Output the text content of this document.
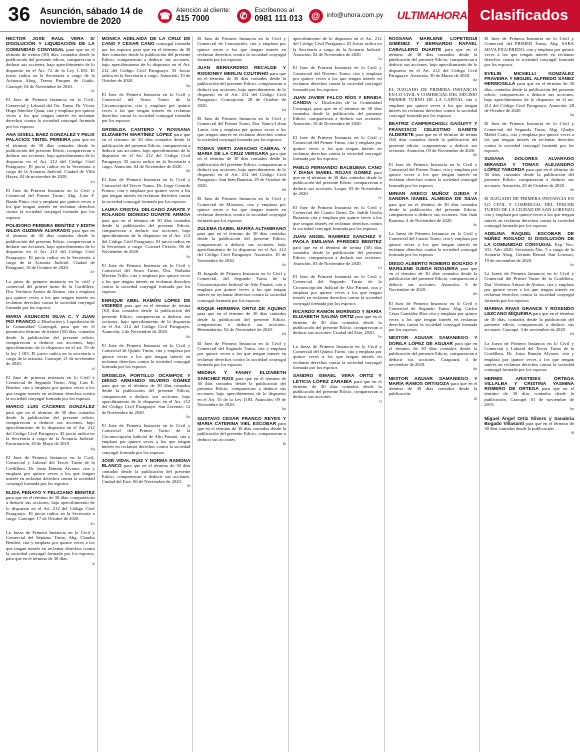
36	Asunción, sábado 14 de noviembre de 2020	☎ Atención al cliente:
415 7000	✆	Escríbenos al
0981 111 013 @	info@uhora.com.py ULTIMAHORA Clasificados

HECTOR JOSE RAUL VERA S/ DISOLUCIÓN Y LIQUIDACIÓN DE LA COMUNIDAD CONYUGAL para que en el término de treinta (30) días, contados desde la publicación del presente edicto, comparezcan a deducir sus acciones, bajo apercibimiento de lo dispuesto en el Art. 72 de la Ley 1.183. El juicio radica en la Secretaría a cargo de la Actuaria Abog. Teresa Pasquet de Guido. Caacupé, 04 de Noviembre de 2020.
4c

El Juez de Primera Instancia en lo Civil, Comercial y Laboral del Ter. Turno, Dr. Víctor Hugo Sánchez Quan, cita y emplaza por quince veces a los que tengan interés en reclamar derechos contra la sociedad conyugal formada por los esposos

ANA GISELL BAEZ GONZALEZ Y FELIX PALACIOS TINTEL PEREIRA para que en el término de 30 días contados desde la publicación del presente Edicto, comparezcan a deducir sus acciones, bajo apercibimiento de lo dispuesto en el Art. 212 del Código Civil Paraguayo. El juicio radica en la Secretaría a cargo de la Actuaria Judicial. Ciudad de Villa Hayes, 02 de noviembre de 2020.
4d

El Juez de Primera Instancia en lo Civil y Comercial del Primer Turno, Abg. Lino F. Bazán Pinto, cita y emplaza por quince veces a los que tengan interés en reclamar derechos contra la sociedad conyugal formada por los esposos

POLIDORO PEREIRA BENÍTEZ Y EDITH NILDA GUZMAN ALVARADO para que en el término de 30 días contados desde la publicación del presente Edicto, comparezcan a deducir sus acciones, bajo apercibimiento de lo dispuesto en el Art. 212 del Código Civil Paraguayo. El juicio radica en la Secretaría a cargo de la Actuaria Judicial. Ciudad de Paraguarí, 16 de Octubre de 2020.
4e

La jueza de primera instancia en lo civil y comercial del primer turno de la Cordillera, Dra. Verónica Armoa de Alonso, cita y emplaza por quince veces a los que tengan interés en reclamar derechos contra la sociedad conyugal formada por los esposos

MARIA ASUNCION SILVA C. Y JUAN PIO FRANCO s/ Disolución y Liquidación de la Comunidad Conyugal, para que en el perentorio término de treinta (30) días, contados desde la publicación del presente edicto, comparezcan a deducir sus acciones, bajo apercibimiento de lo dispuesto en el art. 55 de la ley 1.183. El juicio radica en la secretaría a cargo de la actuaria. Caacupé, 21 de noviembre de 2020.
4f

El Juez de primera instancia en lo Civil y Comercial de Segundo Turno, Abg. Luis E. Benítez, cita y emplaza por quince veces a los que tengan interés en reclamar derechos contra la sociedad conyugal formada por los esposos

MARCO LUIS CÁCERES GONZÁLEZ para que en el término de 30 días contados desde la publicación del presente edicto, comparezcan a deducir sus acciones, bajo apercibimiento de lo dispuesto en el Art. 212 del Código Civil Paraguayo. El juicio radica en la Secretaría a cargo de la Actuaria Judicial. Encarnación, 29 de Mayo de 2019.
4g

El Juez de Primera Instancia en lo Civil, Comercial y Laboral del Tercer Turno de la Cordillera, Dr. Justo Ramón Alvarez, cita y emplaza por quince veces a los que tengan interés en reclamar derechos contra la sociedad conyugal formada por los esposos

ELIDA PENAYO Y FELICIANO BENITEZ para que en el término de 30 días, comparezcan a deducir sus acciones, bajo apercibimiento de lo dispuesto en el Art. 212 del Código Civil Paraguayo. El juicio radica en la Secretaría a cargo. Caacupé, 17 de Octubre de 2020.
4h

La Jueza de Primera Instancia en lo Civil y Comercial del Séptimo Turno, Abg. Claudia Benítez, cita y emplaza por quince veces a los que tengan interés en reclamar derechos contra la sociedad conyugal formada por los esposos, para que en el término de 30 días.
4i

MONICA ADELAIDA DE LA CRUZ DE CANO Y CESAR CANO conyugal formada por los esposos para que en el término de 30 días contados desde la publicación del presente Edicto, comparezcan a deducir sus acciones, bajo apercibimiento de lo dispuesto en el Art. 212 del Código Civil Paraguayo. El Juicio radica en la Secretaría a cargo. Asunción, 19 de Octubre de 2020.
5a

El Juez de Primera Instancia en lo Civil y Comercial del Sexto Turno de la Circunscripción, cita y emplaza por quince veces a los que tengan interés en reclamar derechos contra la sociedad conyugal formada por los esposos

GRISELDA CANTERO Y ROSSANA ELIZABETH MARTÍNEZ LÓPEZ para que en el término de 30 días contados desde la publicación del presente Edicto, comparezcan a deducir sus acciones, bajo apercibimiento de lo dispuesto en el Art. 212 del Código Civil Paraguayo. El juicio radica en la Secretaría a cargo. Asunción, 04 de Noviembre de 2020.
5b

El Juez de Primera Instancia en lo Civil y Comercial del Tercer Turno, Dr. Jorge Gerardo Franco, cita y emplaza por quince veces a los que tengan interés en reclamar derechos contra la sociedad conyugal formada por los esposos

LAURA CRISTAL DELGADO ZARATE Y ROLANDO DIONISIO DUARTE ARMOA para que en el término de 30 días contados desde la publicación del presente Edicto, comparezcan a deducir sus acciones, bajo apercibimiento de lo dispuesto en el Art. 212 del Código Civil Paraguayo. El juicio radica en la Secretaría a cargo. Coronel Oviedo, 06 de Noviembre de 2020.
5c

El Juez de Primera Instancia en lo Civil y Comercial del Sexto Turno, Dra. Nathalia Moreno Trillo, cita y emplaza por quince veces a los que tengan interés en reclamar derechos contra la sociedad conyugal formada por los esposos

ENRIQUE ABEL RAMÓN LÓPEZ DE VIDERÉS para que en el término de treinta (30) días contados desde la publicación del presente Edicto, comparezcan a deducir sus acciones, bajo apercibimiento de lo dispuesto en el Art. 212 del Código Civil Paraguayo. Asunción, 2 de Noviembre de 2020.
5d

El Juez de Primera Instancia en lo Civil y Comercial de Quinto Turno, cita y emplaza por quince veces a los que tengan interés en reclamar derechos contra la sociedad conyugal formada por los esposos

GRISELDA PORTILLO OCAMPOS Y DIEGO ARMANDO SILVERO GÓMEZ para que en el término de 30 días contados desde la publicación del presente Edicto, comparezcan a deducir sus acciones, bajo apercibimiento de lo dispuesto en el Art. 212 del Código Civil Paraguayo. San Lorenzo, 12 de Noviembre de 2020.
5e

El Juez de Primera Instancia en lo Civil y Comercial del Primer Turno de la Circunscripción Judicial de Alto Paraná, cita y emplaza por quince veces a los que tengan interés en reclamar derechos contra la sociedad conyugal formada por los esposos

JOSÉ VIDAL RUIZ Y NORMA RAMONA BLANCO para que en el término de 30 días contados desde la publicación del presente Edicto, comparezcan a deducir sus acciones. Ciudad del Este, 06 de Noviembre de 2020.
5f

El Juez de Primera Instancia en lo Civil y Comercial de Concepción, cita y emplaza por quince veces a los que tengan interés en reclamar derechos contra la sociedad conyugal formada por los esposos

JUAN BERNARDINO RECALDE Y RODIONEY MERLIN COUTINHO para que en el término de 30 días contados desde la publicación del presente Edicto, comparezcan a deducir sus acciones, bajo apercibimiento de lo dispuesto en el Art. 212 del Código Civil Paraguayo. Concepción, 28 de Octubre de 2020.
6a

El Juez de Primera Instancia en lo Civil y Comercial del Primer Turno, Dra. Nancy Lilian Lamo, cita y emplaza por quince veces a los que tengan interés en reclamar derechos contra la sociedad conyugal formada por los esposos

TOMAS VERTI ZARACHO CABRAL Y MARIA DE LA CRUZ VERGARA para que en el término de 30 días contados desde la publicación del presente Edicto, comparezcan a deducir sus acciones, bajo apercibimiento de lo dispuesto en el Art. 212 del Código Civil Paraguayo. San Juan Bautista, 29 de Octubre de 2020.
6b

El Juez de Primera Instancia en lo Civil y Comercial de Misiones, cita y emplaza por quince veces a los que tengan interés en reclamar derechos contra la sociedad conyugal formada por los esposos

ZULEMA ISABEL MARRA ALTAMIRANO para que en el término de 30 días contados desde la publicación del presente Edicto, comparezcan a deducir sus acciones, bajo apercibimiento de lo dispuesto en el Art. 212 del Código Civil Paraguayo. Asunción, 10 de Noviembre de 2020.
6c

El Juzgado de Primera Instancia en lo Civil y Comercial, del Segundo Turno de la Circunscripción Judicial de Alto Paraná, cita y emplaza por quince veces a los que tengan interés en reclamar derechos contra la sociedad conyugal formada por los esposos

ROQUE HERMINIA ORTIZ DE AQUINO para que en el término de 30 días contados desde la publicación del presente Edicto, comparezcan a deducir sus acciones. Hernandarias, 02 de Noviembre de 2020.
6d

El Juez de Primera Instancia en lo Civil y Comercial del Segundo Turno, cita y emplaza por quince veces a los que tengan interés en reclamar derechos contra la sociedad conyugal formada por los esposos

MEDINA Y FANNY ELIZABETH SANCHEZ RIOS para que en el término de 30 días contados desde la publicación del presente Edicto, comparezcan a deducir sus acciones, bajo apercibimiento de lo dispuesto en el Art. 55 de la Ley 1183. Asunción, 09 de Noviembre de 2020.
6e

GUSTAVO CESAR FRANCO REYES Y MARIA CATERINA VIEL ESCOBAR para que en el término de 30 días contados desde la publicación del presente Edicto, comparezcan a deducir sus acciones.
6f

apercibimiento de lo dispuesto en el Art. 212 del Código Civil Paraguayo. El Juicio radica en la Secretaría a cargo de la Actuaria Judicial. Asunción, 02 de Noviembre de 2020.
7a

El Juez de Primera Instancia en lo Civil y Comercial del Noveno Turno, cita y emplaza por quince veces a los que tengan interés en reclamar derechos contra la sociedad conyugal formada por los esposos

JUAN JAVIER FALCO RÍOS Y ERNIDA CANDIA s/ Disolución de la Comunidad Conyugal, para que en el término de 30 días contados desde la publicación del presente Edicto, comparezcan a deducir sus acciones. Asunción, 10 de Noviembre de 2020.
7b

El Juez de Primera Instancia en lo Civil y Comercial del Primer Turno, cita y emplaza por quince veces a los que tengan interés en reclamar derechos contra la sociedad conyugal formada por los esposos

PABLO FERNANDO BALBUENA CANO Y DIANA MABEL ROJAS GÓMEZ para que en el término de 30 días contados desde la publicación del presente Edicto, comparezcan a deducir sus acciones. Luque, 03 de Noviembre de 2020.
7c

El Juez de Primera Instancia en lo Civil y Comercial del Cuarto Turno, Dr. Judith Gisela Bozzano cita y emplaza por quince veces a los que tengan interés en reclamar derechos contra la sociedad conyugal formada por los esposos

JUAN ANGEL RAMIREZ SANCHEZ Y PAOLA EMILIANA PAREDES BENITEZ para que en el término de treinta (30) días contados desde la publicación del presente Edicto, comparezcan a deducir sus acciones. Asunción, 03 de Noviembre de 2020.
7d

El Juez de Primera Instancia en lo Civil y Comercial del Segundo Turno de la Circunscripción Judicial de Alto Paraná, cita y emplaza por quince veces a los que tengan interés en reclamar derechos contra la sociedad conyugal formada por los esposos

RICARDO RAMÓN MORÍNIGO Y MARÍA ELIZABETH SALINA ORTIZ para que en el término de 30 días contados desde la publicación del presente Edicto, comparezcan a deducir sus acciones. Ciudad del Este, 2020.
7e

La Jueza de Primera Instancia en lo Civil y Comercial del Quinto Turno, cita y emplaza por quince veces a los que tengan interés en reclamar derechos contra la sociedad conyugal formada por los esposos

SANDRO ISMAEL VERA ORTIZ Y LETICIA LÓPEZ ZARABIA para que en el término de 30 días contados desde la publicación del presente Edicto, comparezcan a deducir sus acciones.
7f

ROSSANA MARLENE LOPETEGUI GIMÉNEZ Y BERNARDO RAFAEL CABALLERO DUARTE para que en el término de 30 días contados desde la publicación del presente Edicto, comparezcan a deducir sus acciones, bajo apercibimiento de lo dispuesto en el Art. 212 del Código Civil Paraguayo. Asunción, 30 de Marzo de 2020.
8a

EL JUZGADO DE PRIMERA INSTANCIA EN LO CIVIL Y COMERCIAL DEL DÉCIMO PRIMER TURNO DE LA CAPITAL cita y emplaza por quince veces a los que tengan interés en reclamar derechos contra la sociedad conyugal formada por los esposos

BEATRIZ CAMPERCHIOLI GAGUITY Y FRANCISCO CELESTINO GANÉTE ALDERETE para que en el término de treinta (30) días contados desde la publicación del presente edicto, comparezcan a deducir sus acciones. Asunción, 05 de Noviembre de 2020.
8b

El Juez de Primera Instancia en lo Civil y Comercial del Primer Turno, cita y emplaza por quince veces a los que tengan interés en reclamar derechos contra la sociedad conyugal formada por los esposos

MIRIAN ARECO MUÑOZ OJEDA Y SANDRA ISABEL ALMEIDA DE SILVA para que en el término de 30 días contados desde la publicación del presente Edicto, comparezcan a deducir sus acciones. San Juan Bautista, 4 de Noviembre de 2020.
8c

La Jueza de Primera Instancia en lo Civil y Comercial del Cuarto Turno, cita y emplaza por quince veces a los que tengan interés en reclamar derechos contra la sociedad conyugal formada por los esposos

DIEGO ALBERTO ROMERO BOGADO Y MARILENE OJEDA NOGUERA para que en el término de 30 días contados desde la publicación del presente Edicto, comparezcan a deducir sus acciones. Asunción, 6 de Noviembre de 2020.
8d

El Juez de Primera Instancia en lo Civil y Comercial de Segundo Turno, Abg. Carlos César González Ríos cita y emplaza por quince veces a los que tengan interés en reclamar derechos contra la sociedad conyugal formada por los esposos

NESTOR AGUIAR SAMANIEGO Y DORILA LÓPEZ DE AGUIAR para que en el término de 30 días contados desde la publicación del presente Edicto, comparezcan a deducir sus acciones. Caaguazú, 4 de noviembre de 2020.
8e

NESTOR AGUIAR SAMANIEGO Y MARÍA RAMOS ORTIGOZA para que en el término de 30 días contados desde la publicación.
8f

El Juez de Primera Instancia en lo Civil y Comercial del PRIMER Turno, Abg. SARA SILVA FIGUEREDO, cita y emplaza por quince veces a los que tengan interés en reclamar derechos contra la sociedad conyugal formada por los esposos

EVELIN MICHELLI GONZÁLEZ FRAVEIRA Y MIGUEL ALFREDO SÁNEZ HERMOSILLA para que en el término de 30 días, contados desde la publicación del presente edicto, comparezcan a deducir sus acciones, bajo apercibimiento de lo dispuesto en el art. 212 del Código Civil Paraguayo. Asunción, 28 de Octubre de 2020.
9a

El Juez de Primera Instancia en lo Civil y Comercial del Segundo Turno, Abg. Gladys Mabel Coito, cita y emplaza por quince veces a los que tengan interés en reclamar derechos contra la sociedad conyugal formada por los esposos

SUSANA DOLORES ALVARADO MIRANDA Y TOMAS ALEJANDRO LÓPEZ TABORDA para que en el término de 30 días, contados desde la publicación del presente Edicto, comparezcan a deducir sus acciones. Asunción, 29 de Octubre de 2020.
9b

El JUZGADO DE PRIMERA INSTANCIA EN LO CIVIL Y COMERCIAL DEL TERCER TURNO DE LA CIUDAD DE SAN LORENZO cita y emplaza por quince veces a los que tengan interés en reclamar derechos contra la sociedad conyugal formada por los esposos

ADELINA RAQUEL ESCOBAR DE NÚÑEZ ROGADO S/ DISOLUCIÓN DE LA COMUNIDAD CONYUGAL Exp. Nro. 331, Año 2020. Secretaría Nro. 5 a cargo de la Actuaria Abog. Germán Bernal. San Lorenzo, 19 de noviembre de 2020.
9c

La Jueza de Primera Instancia en lo Civil y Comercial del Primer Turno de la Cordillera, Dra. Verónica Armoa de Alonso, cita y emplaza por quince veces a los que tengan interés en reclamar derechos contra la sociedad conyugal formada por los esposos

MARINA RIVAS GRANCE Y ROSENDO LEZCANO MIQUEIRA para que en el término de 30 días, contados desde la publicación del presente edicto, comparezcan a deducir sus acciones. Caacupé, 3 de noviembre de 2020.
9d

La Jueza de Primera Instancia en lo Civil y Comercial y Laboral del Tercer Turno de la Cordillera, Dr. Justo Ramón Alvarez, cita y emplaza por quince veces a los que tengan interés en reclamar derechos contra la sociedad conyugal formada por los esposos

HERMIS ARISTIDES ORTEGA VILLALBA Y CRISTINA YASMINA ROMERO DE ORTEGA para que en el término de 30 días contados desde la publicación. Caacupé, 01 de noviembre de 2019.
9e

Miguel Ángel Ortiz Silvero y Sanabria Bogado Villasanti para que en el término de 30 días contados desde la publicación.
9f
